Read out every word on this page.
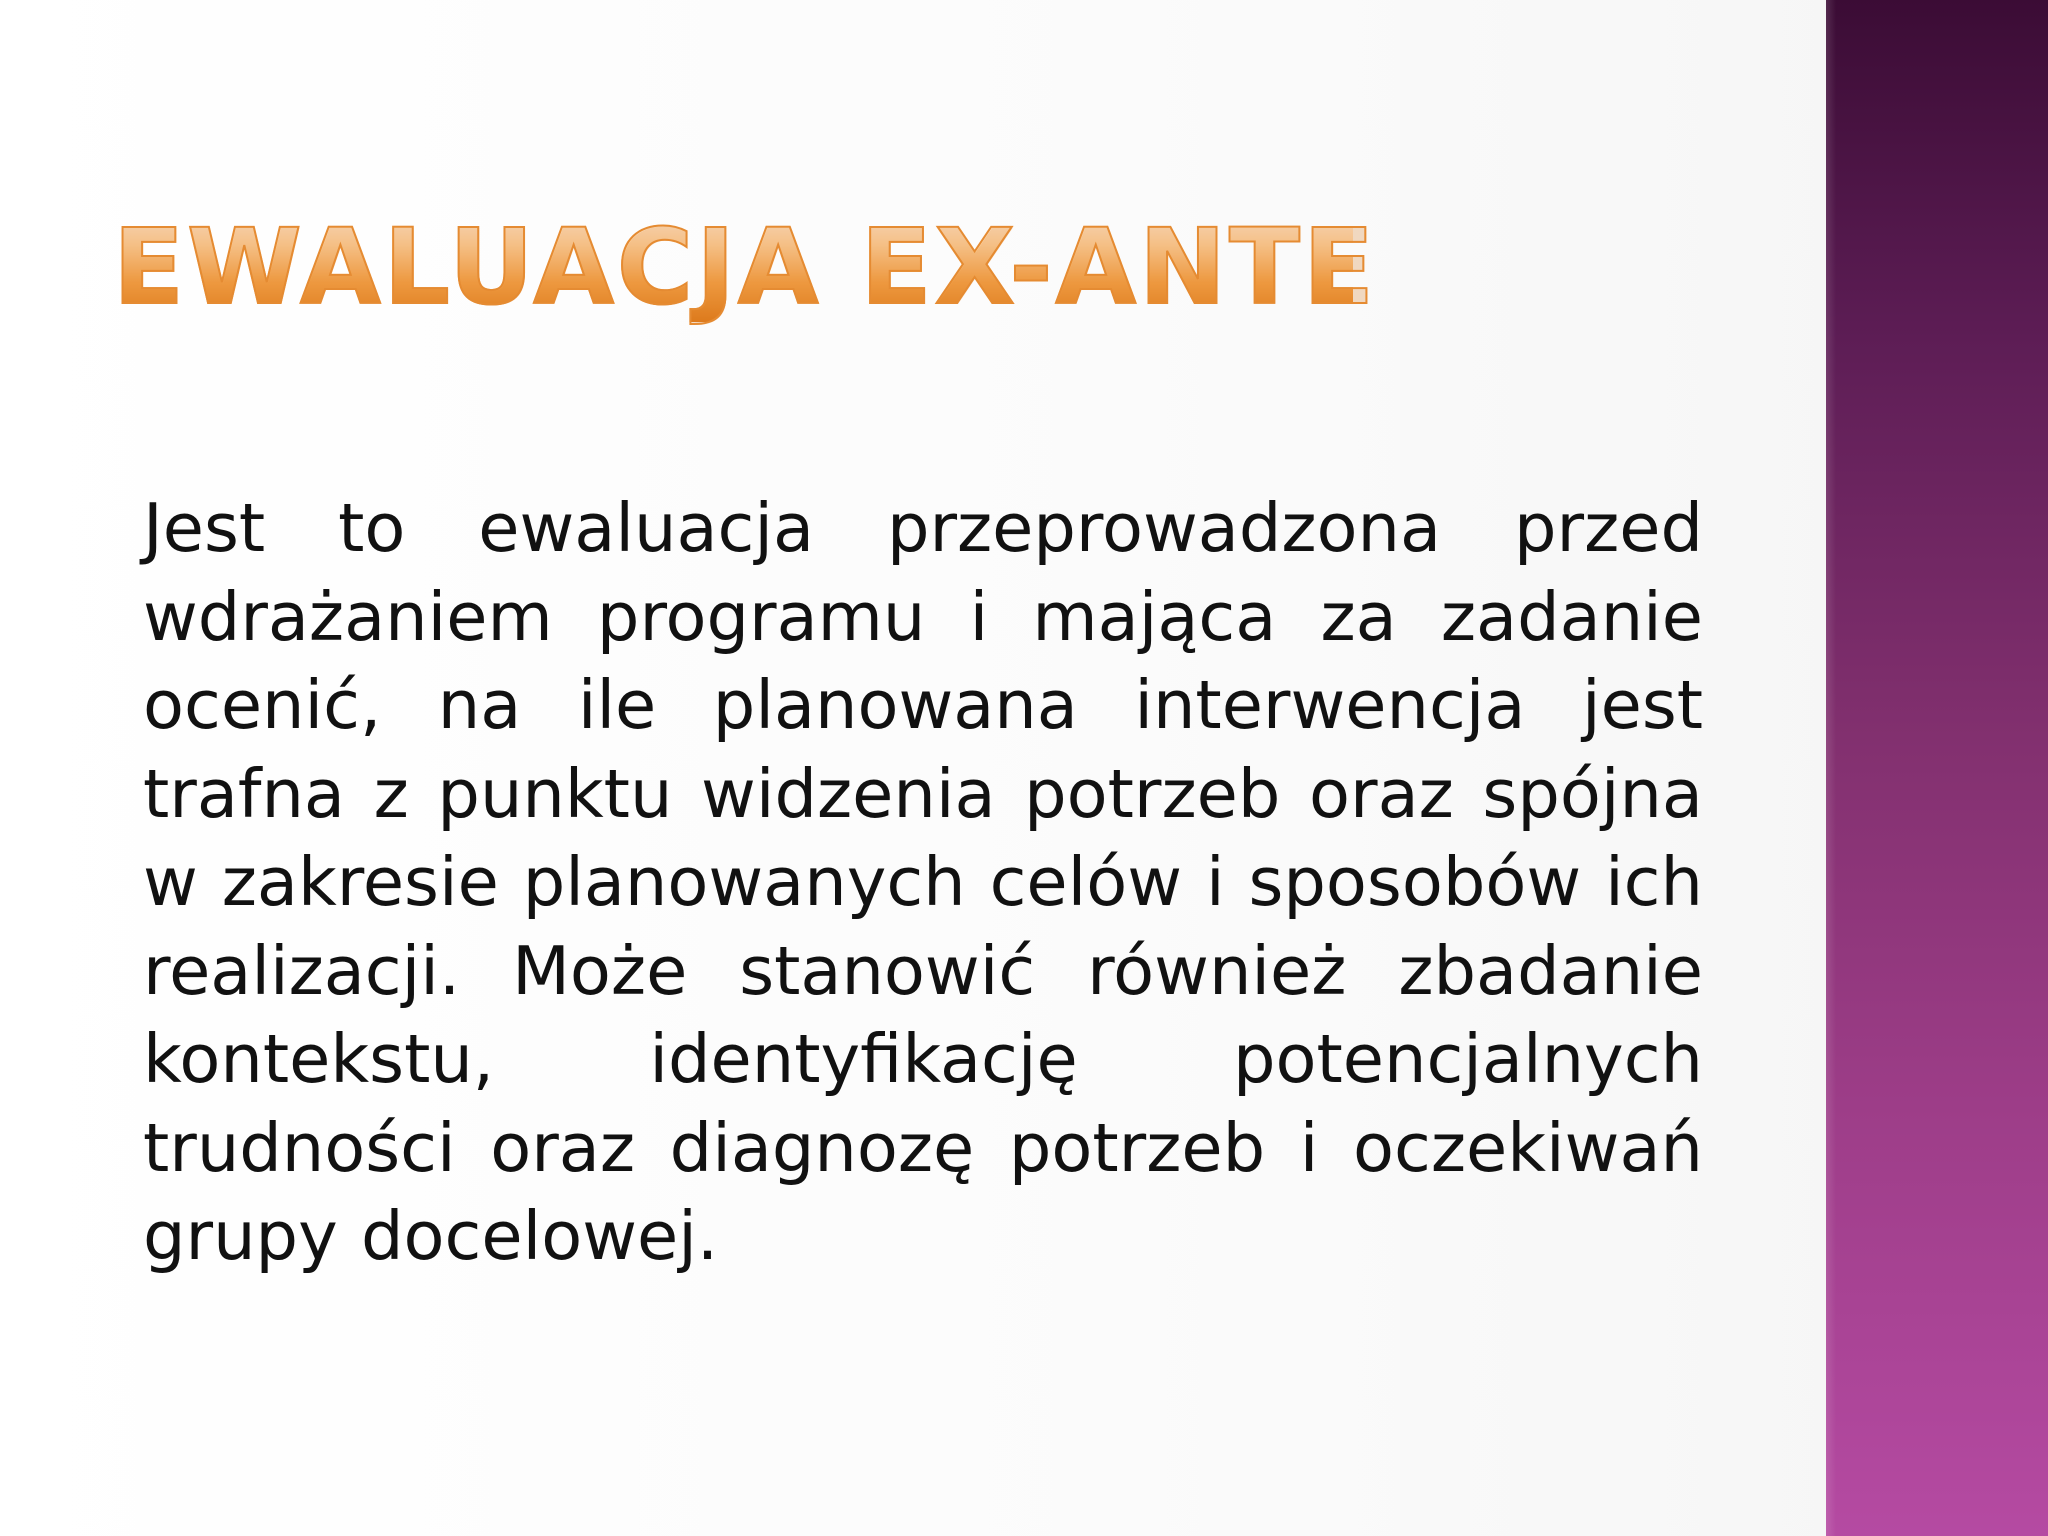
EWALUACJA EX-ANTE

Jest to ewaluacja przeprowadzona przed wdrażaniem programu i mająca za zadanie ocenić, na ile planowana interwencja jest trafna z punktu widzenia potrzeb oraz spójna w zakresie planowanych celów i sposobów ich realizacji. Może stanowić również zbadanie kontekstu, identyfikację potencjalnych trudności oraz diagnozę potrzeb i oczekiwań grupy docelowej.
